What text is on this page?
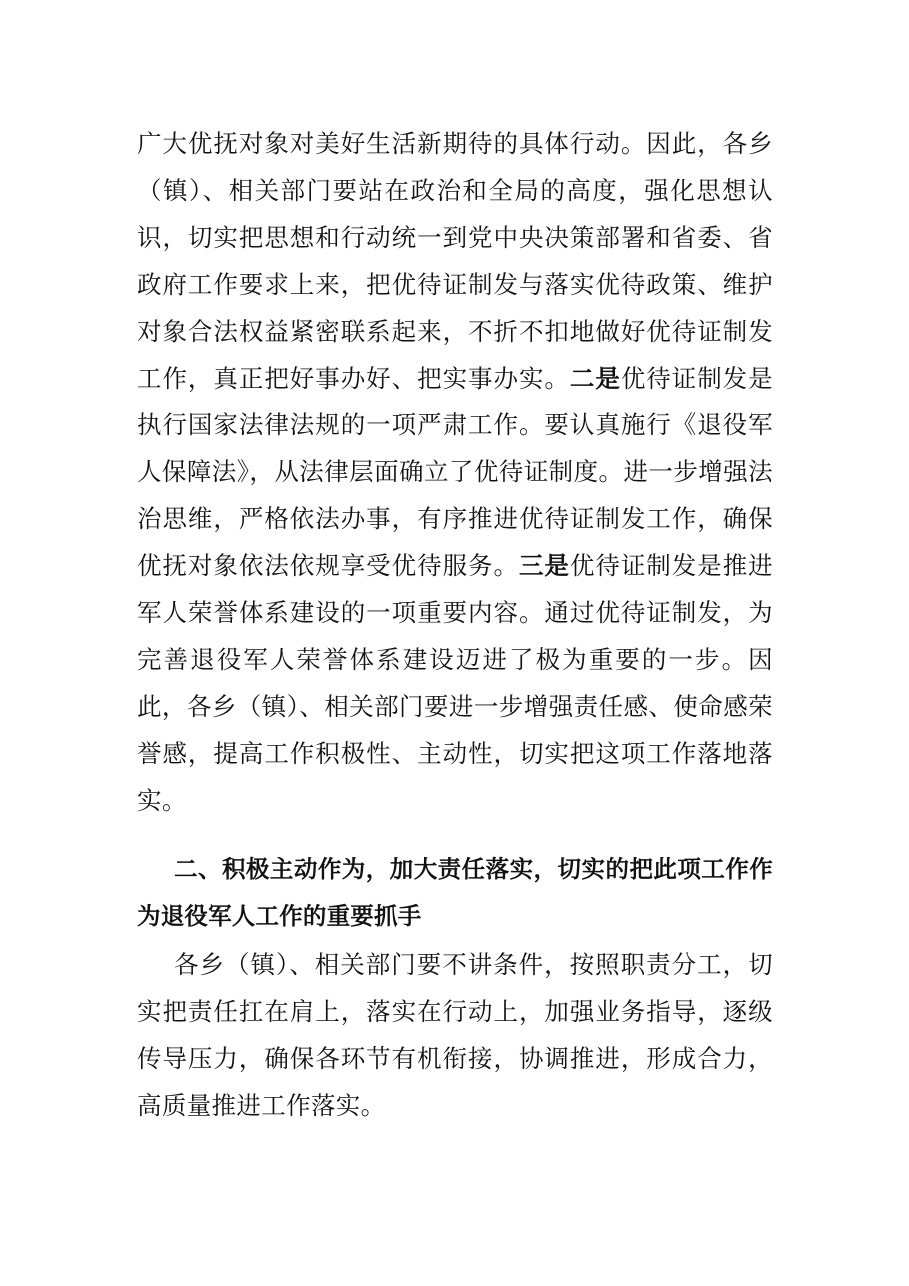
广大优抚对象对美好生活新期待的具体行动。因此，各乡（镇）、相关部门要站在政治和全局的高度，强化思想认识，切实把思想和行动统一到党中央决策部署和省委、省政府工作要求上来，把优待证制发与落实优待政策、维护对象合法权益紧密联系起来，不折不扣地做好优待证制发工作，真正把好事办好、把实事办实。二是优待证制发是执行国家法律法规的一项严肃工作。要认真施行《退役军人保障法》，从法律层面确立了优待证制度。进一步增强法治思维，严格依法办事，有序推进优待证制发工作，确保优抚对象依法依规享受优待服务。三是优待证制发是推进军人荣誉体系建设的一项重要内容。通过优待证制发，为完善退役军人荣誉体系建设迈进了极为重要的一步。因此，各乡（镇）、相关部门要进一步增强责任感、使命感荣誉感，提高工作积极性、主动性，切实把这项工作落地落实。

二、积极主动作为，加大责任落实，切实的把此项工作作为退役军人工作的重要抓手

各乡（镇）、相关部门要不讲条件，按照职责分工，切实把责任扛在肩上，落实在行动上，加强业务指导，逐级传导压力，确保各环节有机衔接，协调推进，形成合力，高质量推进工作落实。
